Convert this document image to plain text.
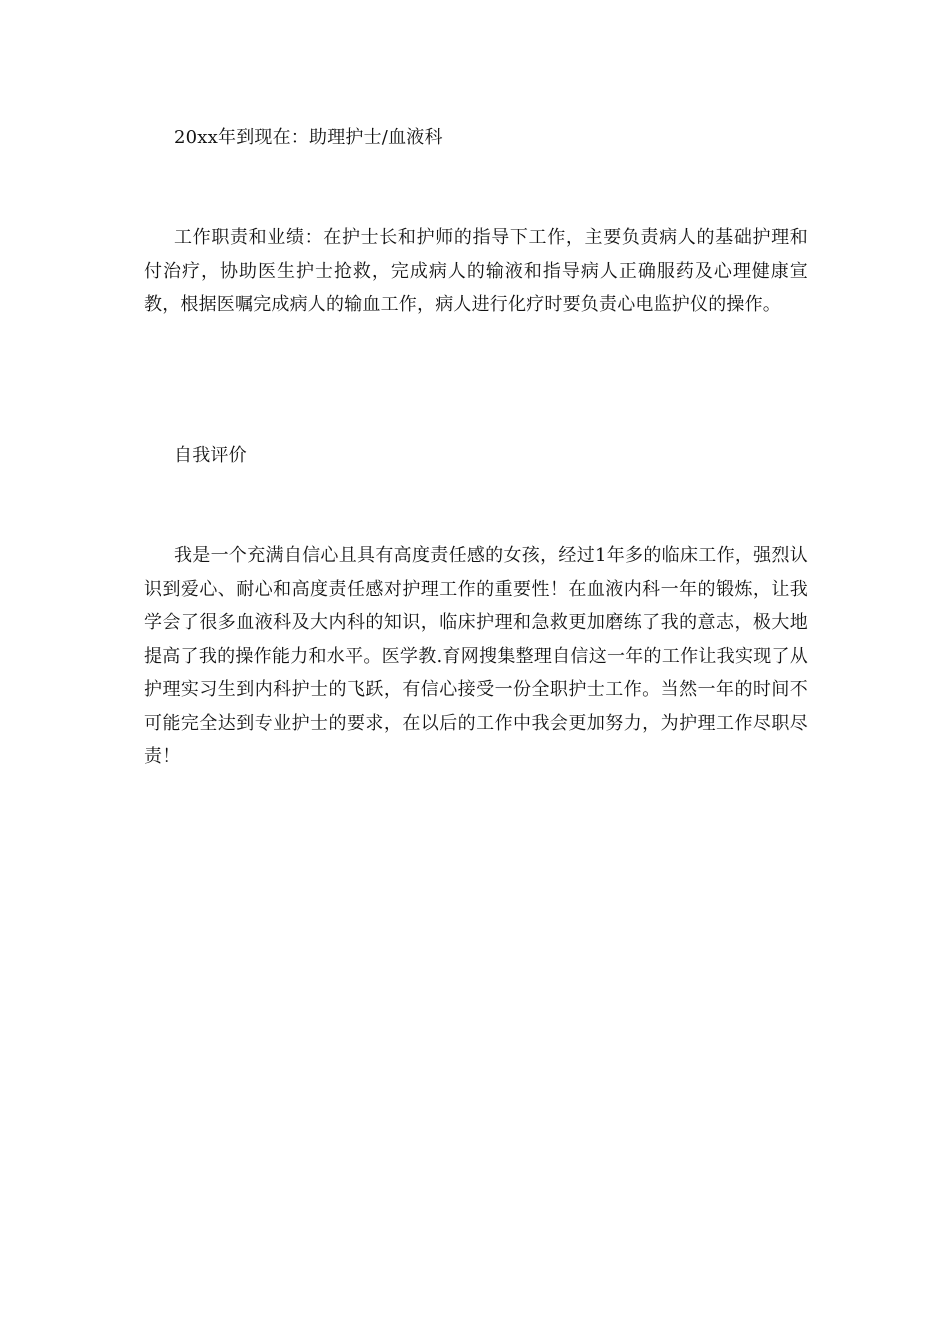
20xx年到现在：助理护士/血液科

工作职责和业绩：在护士长和护师的指导下工作，主要负责病人的基础护理和付治疗，协助医生护士抢救，完成病人的输液和指导病人正确服药及心理健康宣教，根据医嘱完成病人的输血工作，病人进行化疗时要负责心电监护仪的操作。

自我评价

我是一个充满自信心且具有高度责任感的女孩，经过1年多的临床工作，强烈认识到爱心、耐心和高度责任感对护理工作的重要性！在血液内科一年的锻炼，让我学会了很多血液科及大内科的知识，临床护理和急救更加磨练了我的意志，极大地提高了我的操作能力和水平。医学教.育网搜集整理自信这一年的工作让我实现了从护理实习生到内科护士的飞跃，有信心接受一份全职护士工作。当然一年的时间不可能完全达到专业护士的要求，在以后的工作中我会更加努力，为护理工作尽职尽责！
